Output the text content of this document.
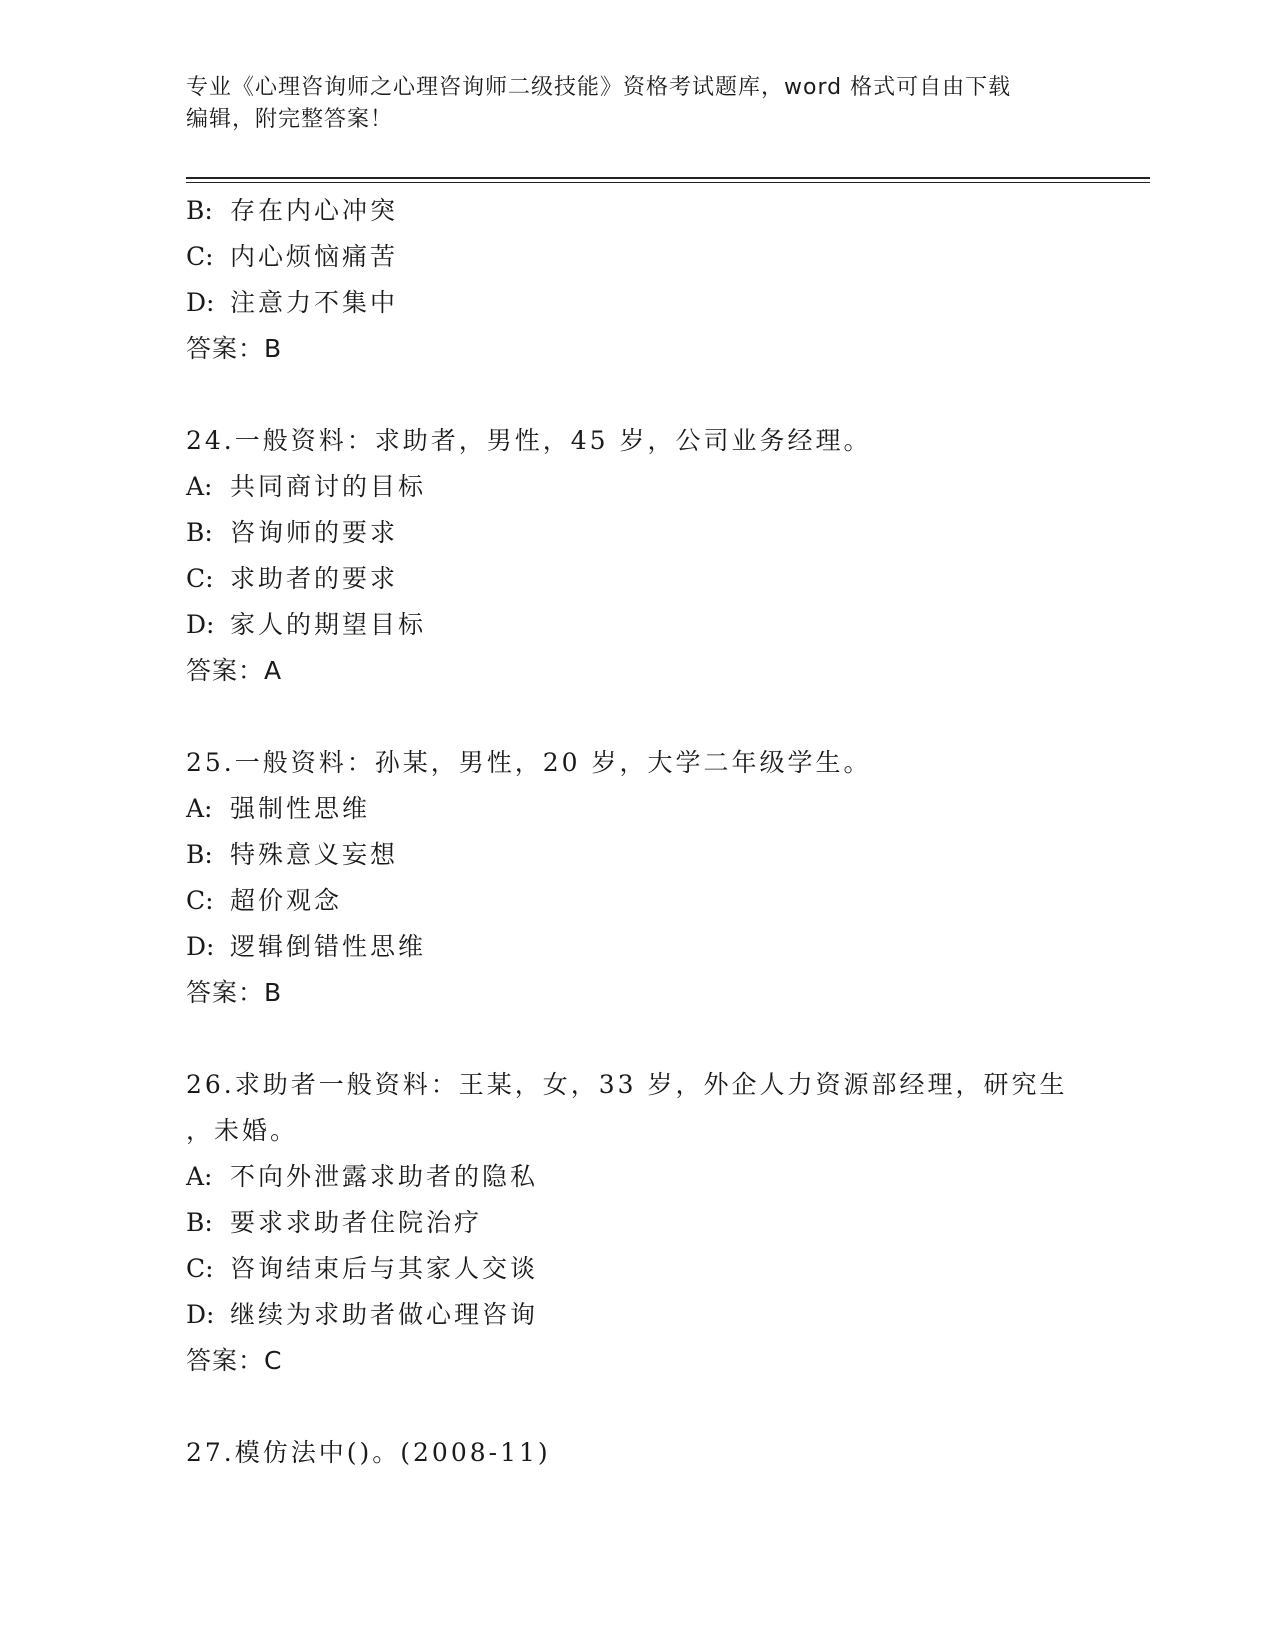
专业《心理咨询师之心理咨询师二级技能》资格考试题库，word 格式可自由下载
编辑，附完整答案！
B: 存在内心冲突
C: 内心烦恼痛苦
D: 注意力不集中
答案：B
24.一般资料：求助者，男性，45 岁，公司业务经理。
A: 共同商讨的目标
B: 咨询师的要求
C: 求助者的要求
D: 家人的期望目标
答案：A
25.一般资料：孙某，男性，20 岁，大学二年级学生。
A: 强制性思维
B: 特殊意义妄想
C: 超价观念
D: 逻辑倒错性思维
答案：B
26.求助者一般资料：王某，女，33 岁，外企人力资源部经理，研究生
，未婚。
A: 不向外泄露求助者的隐私
B: 要求求助者住院治疗
C: 咨询结束后与其家人交谈
D: 继续为求助者做心理咨询
答案：C
27.模仿法中()。(2008-11)
